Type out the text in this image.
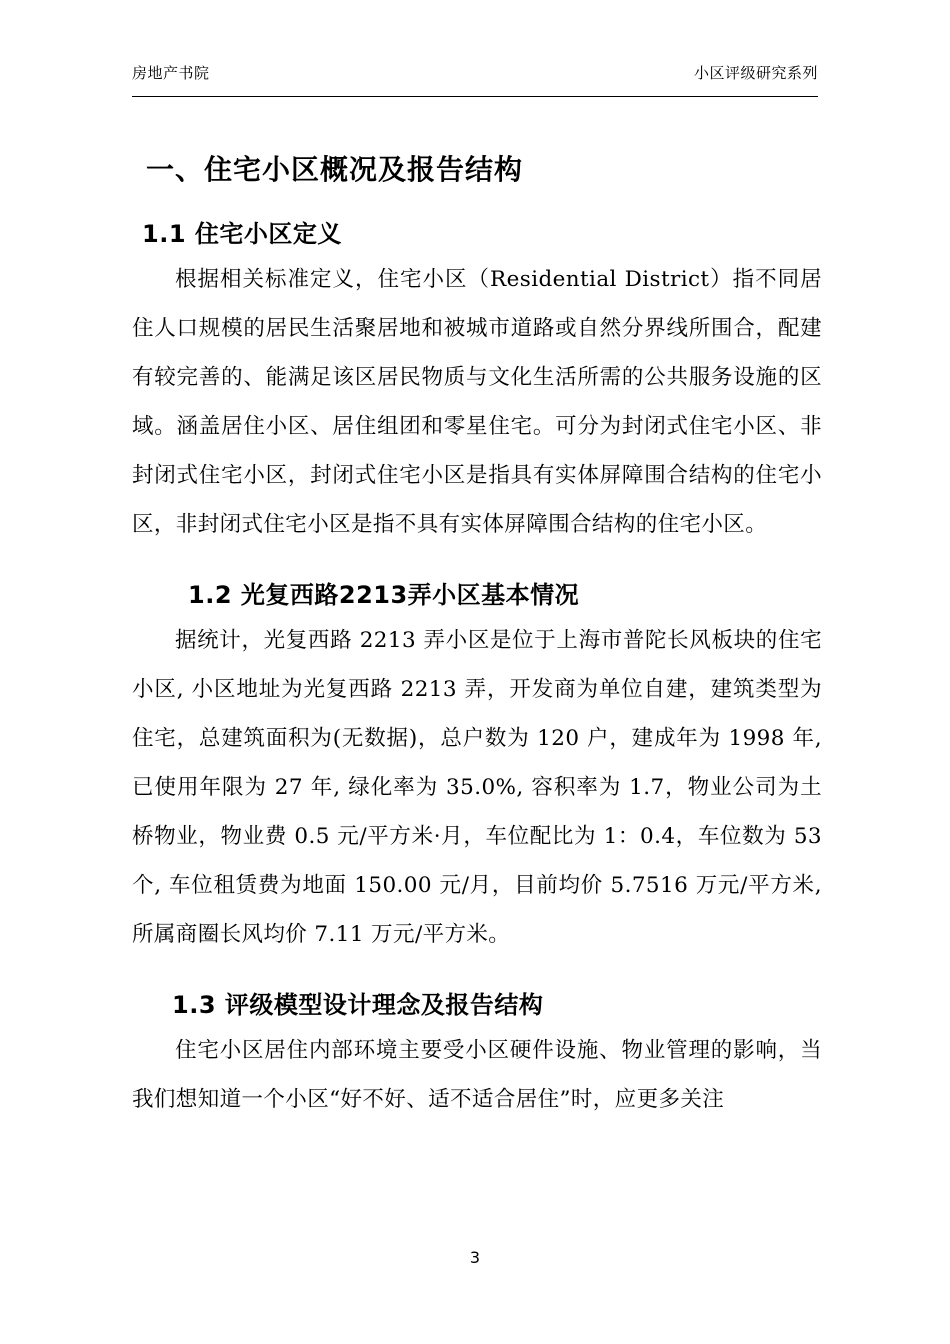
房地产书院	小区评级研究系列
一、住宅小区概况及报告结构
1.1 住宅小区定义

根据相关标准定义，住宅小区（Residential District）指不同居住人口规模的居民生活聚居地和被城市道路或自然分界线所围合，配建有较完善的、能满足该区居民物质与文化生活所需的公共服务设施的区域。涵盖居住小区、居住组团和零星住宅。可分为封闭式住宅小区、非封闭式住宅小区，封闭式住宅小区是指具有实体屏障围合结构的住宅小区，非封闭式住宅小区是指不具有实体屏障围合结构的住宅小区。

1.2 光复西路2213弄小区基本情况

据统计，光复西路 2213 弄小区是位于上海市普陀长风板块的住宅小区, 小区地址为光复西路 2213 弄，开发商为单位自建，建筑类型为住宅，总建筑面积为(无数据)，总户数为 120 户，建成年为 1998 年, 已使用年限为 27 年, 绿化率为 35.0%, 容积率为 1.7，物业公司为土桥物业，物业费 0.5 元/平方米·月，车位配比为 1：0.4，车位数为 53 个, 车位租赁费为地面 150.00 元/月，目前均价 5.7516 万元/平方米, 所属商圈长风均价 7.11 万元/平方米。

1.3 评级模型设计理念及报告结构

住宅小区居住内部环境主要受小区硬件设施、物业管理的影响，当我们想知道一个小区“好不好、适不适合居住”时，应更多关注

3
